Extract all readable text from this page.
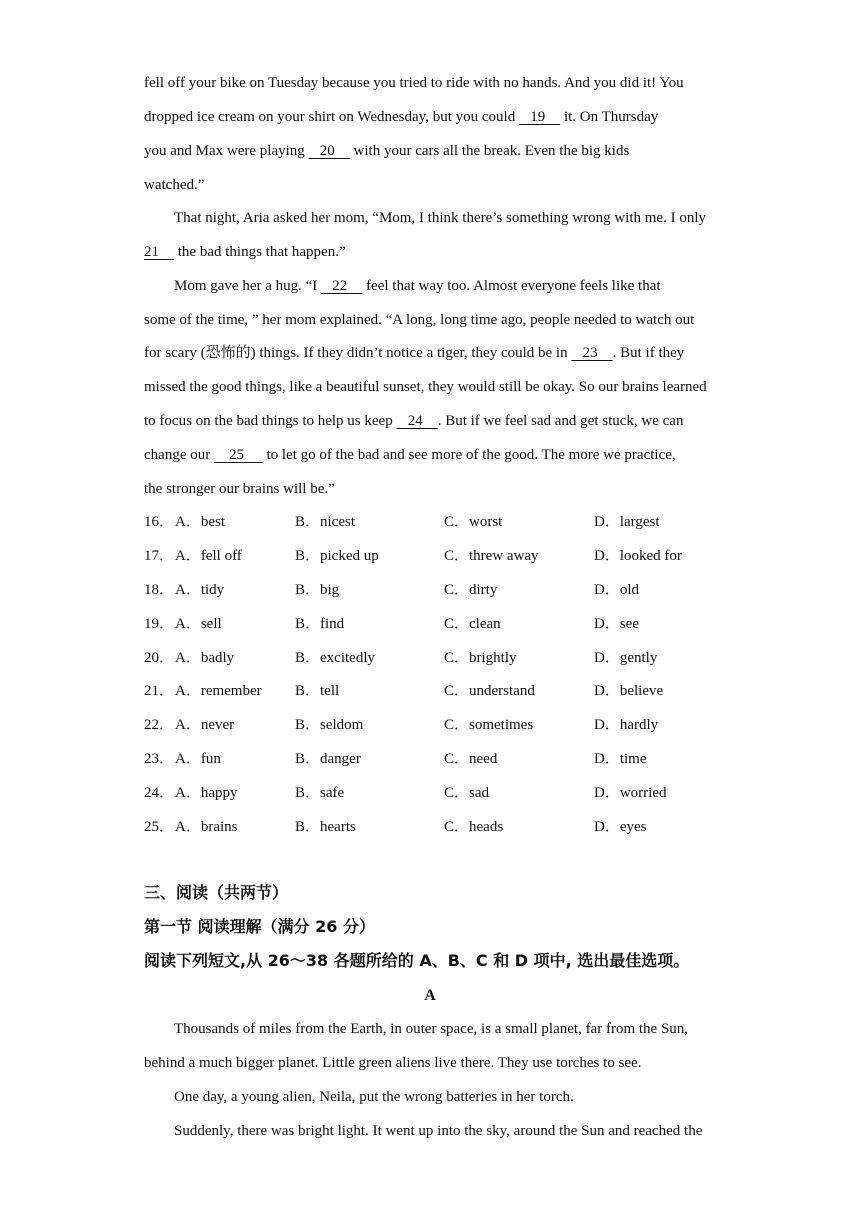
fell off your bike on Tuesday because you tried to ride with no hands. And you did it! You
dropped ice cream on your shirt on Wednesday, but you could    19     it. On Thursday
you and Max were playing    20     with your cars all the break. Even the big kids
watched.”
That night, Aria asked her mom, “Mom, I think there’s something wrong with me. I only
21     the bad things that happen.”
Mom gave her a hug. “I    22     feel that way too. Almost everyone feels like that
some of the time, ” her mom explained. “A long, long time ago, people needed to watch out
for scary (恐怖的) things. If they didn’t notice a tiger, they could be in    23    . But if they
missed the good things, like a beautiful sunset, they would still be okay. So our brains learned
to focus on the bad things to help us keep    24    . But if we feel sad and get stuck, we can
change our     25      to let go of the bad and see more of the good. The more we practice,
the stronger our brains will be.”
16． A．best	B．nicest	C．worst	D．largest
17． A．fell off	B．picked up	C．threw away	D．looked for
18． A．tidy	B．big	C．dirty	D．old
19． A．sell	B．find	C．clean	D．see
20． A．badly	B．excitedly	C．brightly	D．gently
21． A．remember B．tell	C．understand	D．believe
22． A．never	B．seldom	C．sometimes	D．hardly
23． A．fun	B．danger	C．need	D．time
24． A．happy	B．safe	C．sad	D．worried
25． A．brains	B．hearts	C．heads	D．eyes
三、阅读（共两节）
第一节 阅读理解（满分 26 分）
阅读下列短文,从 26～38 各题所给的 A、B、C 和 D 项中, 选出最佳选项。
A
Thousands of miles from the Earth, in outer space, is a small planet, far from the Sun,
behind a much bigger planet. Little green aliens live there. They use torches to see.
One day, a young alien, Neila, put the wrong batteries in her torch.
Suddenly, there was bright light. It went up into the sky, around the Sun and reached the
